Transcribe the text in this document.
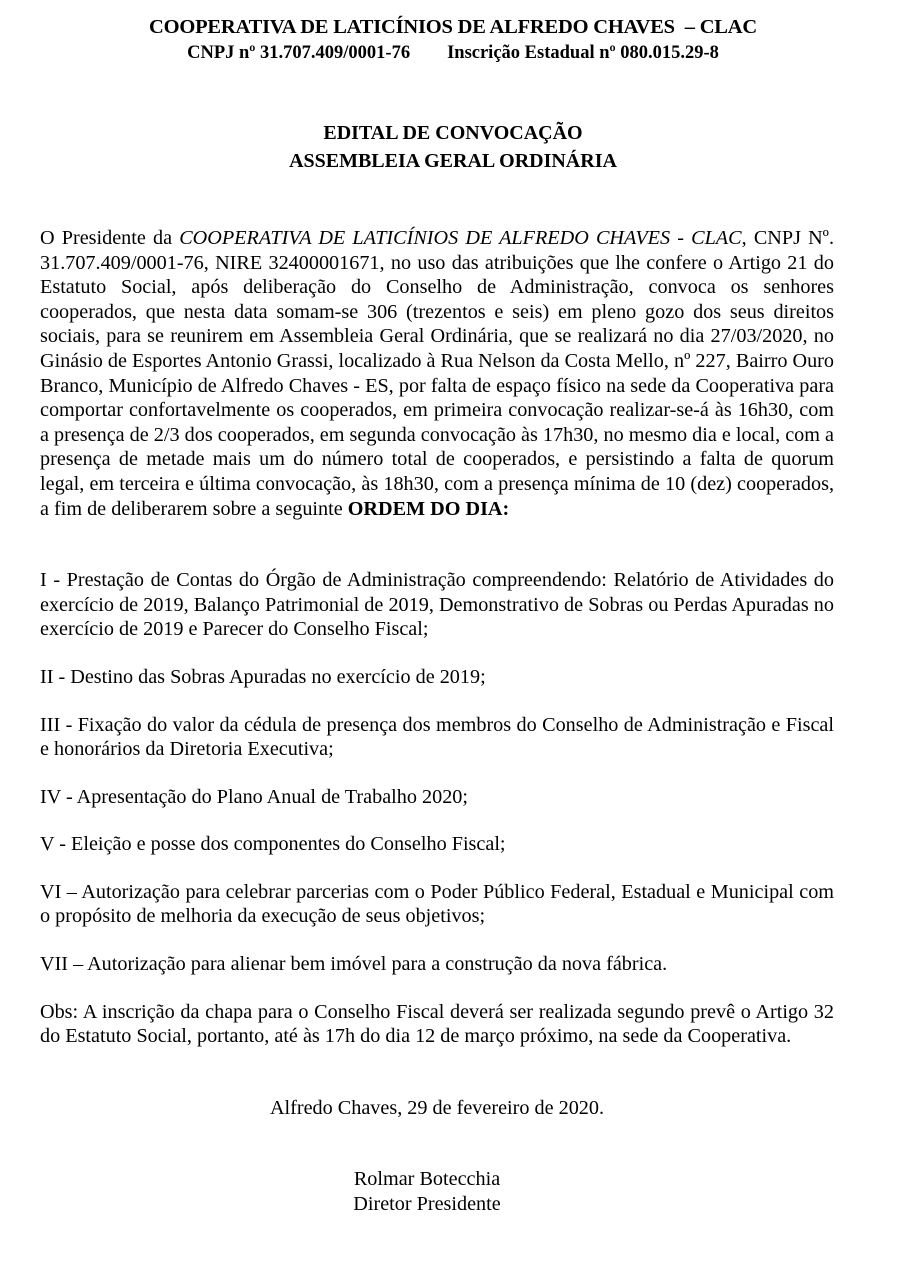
COOPERATIVA DE LATICÍNIOS DE ALFREDO CHAVES  – CLAC
CNPJ nº 31.707.409/0001-76        Inscrição Estadual nº 080.015.29-8
EDITAL DE CONVOCAÇÃO
ASSEMBLEIA GERAL ORDINÁRIA

O Presidente da COOPERATIVA DE LATICÍNIOS DE ALFREDO CHAVES - CLAC, CNPJ Nº. 31.707.409/0001-76, NIRE 32400001671, no uso das atribuições que lhe confere o Artigo 21 do Estatuto Social, após deliberação do Conselho de Administração, convoca os senhores cooperados, que nesta data somam-se 306 (trezentos e seis) em pleno gozo dos seus direitos sociais, para se reunirem em Assembleia Geral Ordinária, que se realizará no dia 27/03/2020, no Ginásio de Esportes Antonio Grassi, localizado à Rua Nelson da Costa Mello, nº 227, Bairro Ouro Branco, Município de Alfredo Chaves - ES, por falta de espaço físico na sede da Cooperativa para comportar confortavelmente os cooperados, em primeira convocação realizar-se-á às 16h30, com a presença de 2/3 dos cooperados, em segunda convocação às 17h30, no mesmo dia e local, com a presença de metade mais um do número total de cooperados, e persistindo a falta de quorum legal, em terceira e última convocação, às 18h30, com a presença mínima de 10 (dez) cooperados, a fim de deliberarem sobre a seguinte ORDEM DO DIA:

I - Prestação de Contas do Órgão de Administração compreendendo: Relatório de Atividades do exercício de 2019, Balanço Patrimonial de 2019, Demonstrativo de Sobras ou Perdas Apuradas no exercício de 2019 e Parecer do Conselho Fiscal;

II - Destino das Sobras Apuradas no exercício de 2019;

III - Fixação do valor da cédula de presença dos membros do Conselho de Administração e Fiscal e honorários da Diretoria Executiva;

IV - Apresentação do Plano Anual de Trabalho 2020;

V - Eleição e posse dos componentes do Conselho Fiscal;

VI – Autorização para celebrar parcerias com o Poder Público Federal, Estadual e Municipal com o propósito de melhoria da execução de seus objetivos;

VII – Autorização para alienar bem imóvel para a construção da nova fábrica.

Obs: A inscrição da chapa para o Conselho Fiscal deverá ser realizada segundo prevê o Artigo 32 do Estatuto Social, portanto, até às 17h do dia 12 de março próximo, na sede da Cooperativa.

Alfredo Chaves, 29 de fevereiro de 2020.

Rolmar Botecchia

Diretor Presidente
